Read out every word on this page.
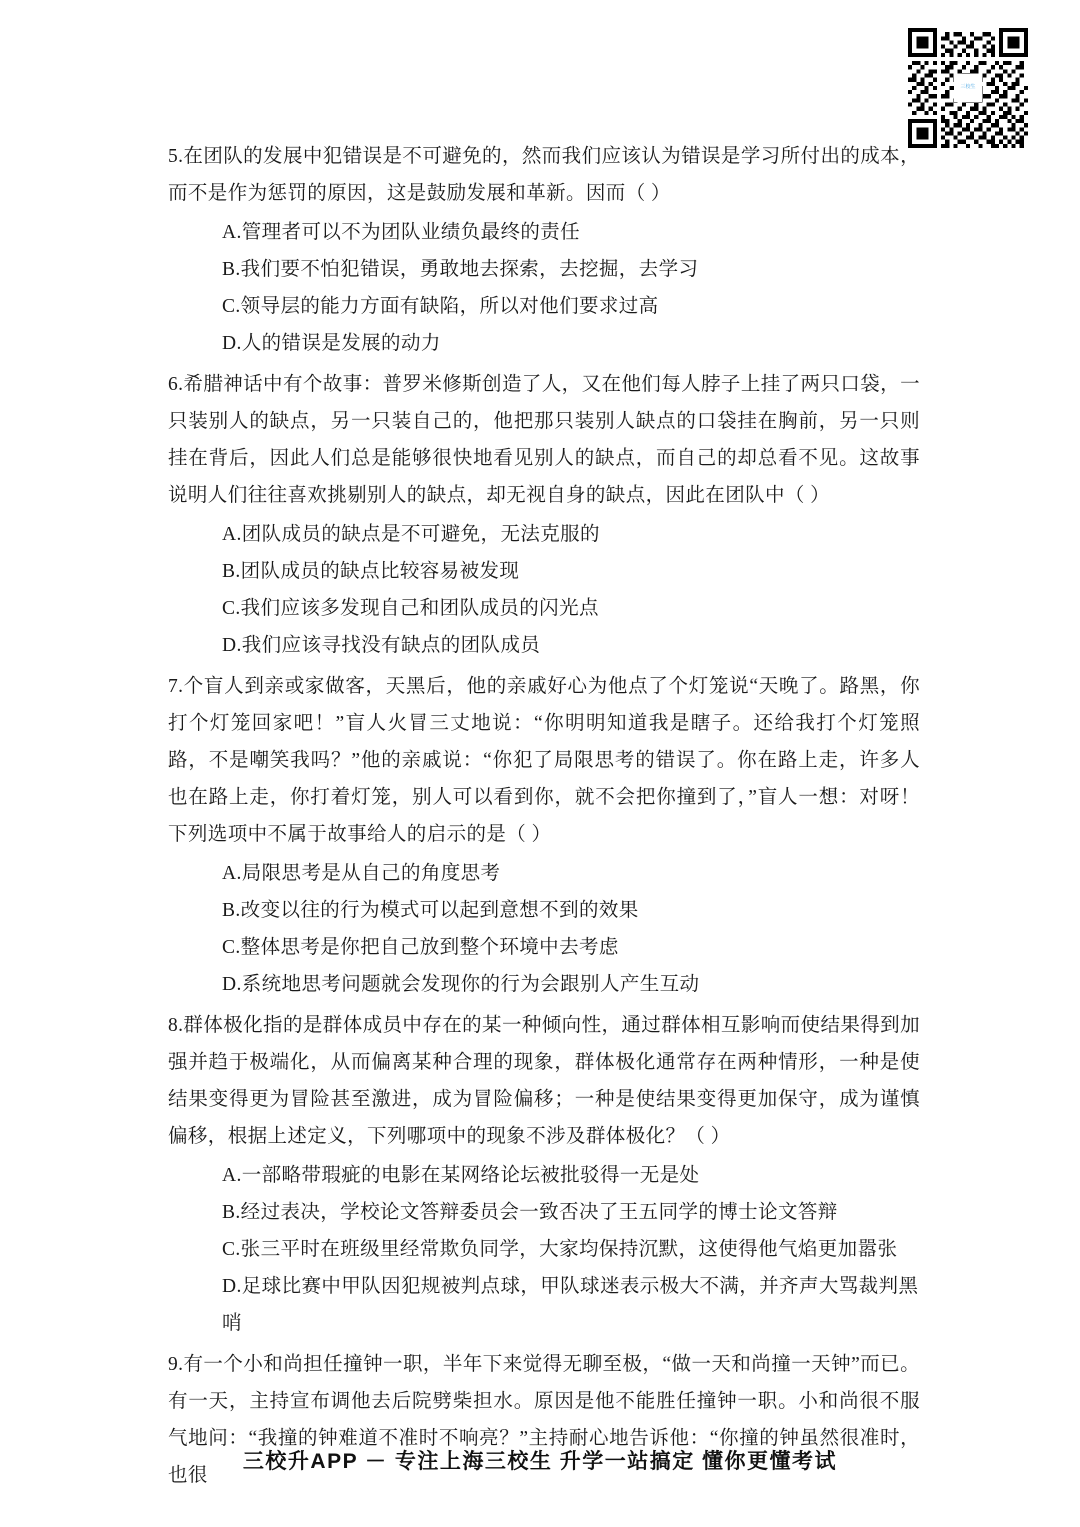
三校生

5.在团队的发展中犯错误是不可避免的，然而我们应该认为错误是学习所付出的成本，而不是作为惩罚的原因，这是鼓励发展和革新。因而（ ）

A.管理者可以不为团队业绩负最终的责任

B.我们要不怕犯错误，勇敢地去探索，去挖掘，去学习

C.领导层的能力方面有缺陷，所以对他们要求过高

D.人的错误是发展的动力

6.希腊神话中有个故事：普罗米修斯创造了人，又在他们每人脖子上挂了两只口袋，一只装别人的缺点，另一只装自己的，他把那只装别人缺点的口袋挂在胸前，另一只则挂在背后，因此人们总是能够很快地看见别人的缺点，而自己的却总看不见。这故事说明人们往往喜欢挑剔别人的缺点，却无视自身的缺点，因此在团队中（ ）

A.团队成员的缺点是不可避免，无法克服的

B.团队成员的缺点比较容易被发现

C.我们应该多发现自己和团队成员的闪光点

D.我们应该寻找没有缺点的团队成员

7.个盲人到亲或家做客，天黑后，他的亲戚好心为他点了个灯笼说“天晚了。路黑，你打个灯笼回家吧！”盲人火冒三丈地说：“你明明知道我是瞎子。还给我打个灯笼照路，不是嘲笑我吗？”他的亲戚说：“你犯了局限思考的错误了。你在路上走，许多人也在路上走，你打着灯笼，别人可以看到你，就不会把你撞到了，”盲人一想：对呀！ 下列选项中不属于故事给人的启示的是（ ）

A.局限思考是从自己的角度思考

B.改变以往的行为模式可以起到意想不到的效果

C.整体思考是你把自己放到整个环境中去考虑

D.系统地思考问题就会发现你的行为会跟别人产生互动

8.群体极化指的是群体成员中存在的某一种倾向性，通过群体相互影响而使结果得到加强并趋于极端化，从而偏离某种合理的现象，群体极化通常存在两种情形，一种是使结果变得更为冒险甚至激进，成为冒险偏移；一种是使结果变得更加保守，成为谨慎偏移，根据上述定义，下列哪项中的现象不涉及群体极化？（ ）

A.一部略带瑕疵的电影在某网络论坛被批驳得一无是处

B.经过表决，学校论文答辩委员会一致否决了王五同学的博士论文答辩

C.张三平时在班级里经常欺负同学，大家均保持沉默，这使得他气焰更加嚣张

D.足球比赛中甲队因犯规被判点球，甲队球迷表示极大不满，并齐声大骂裁判黑哨

9.有一个小和尚担任撞钟一职，半年下来觉得无聊至极，“做一天和尚撞一天钟”而已。有一天，主持宣布调他去后院劈柴担水。原因是他不能胜任撞钟一职。小和尚很不服气地问：“我撞的钟难道不准时不响亮？”主持耐心地告诉他：“你撞的钟虽然很准时，也很

三校升APP － 专注上海三校生 升学一站搞定 懂你更懂考试
